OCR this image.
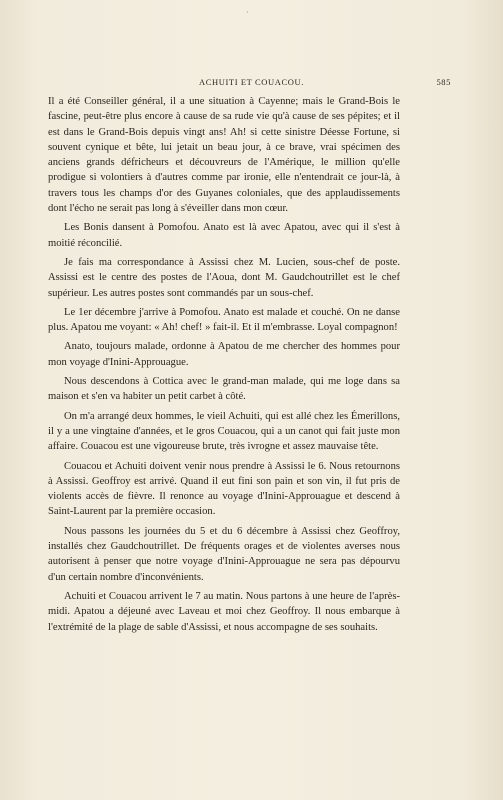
·
ACHUITI ET COUACOU.	585

Il a été Conseiller général, il a une situation à Cayenne; mais le Grand-Bois le fascine, peut-être plus encore à cause de sa rude vie qu'à cause de ses pépites; et il est dans le Grand-Bois depuis vingt ans! Ah! si cette sinistre Déesse Fortune, si souvent cynique et bête, lui jetait un beau jour, à ce brave, vrai spécimen des anciens grands défricheurs et découvreurs de l'Amérique, le million qu'elle prodigue si volontiers à d'autres comme par ironie, elle n'entendrait ce jour-là, à travers tous les champs d'or des Guyanes coloniales, que des applaudissements dont l'écho ne serait pas long à s'éveiller dans mon cœur.

Les Bonis dansent à Pomofou. Anato est là avec Apatou, avec qui il s'est à moitié réconcilié.

Je fais ma correspondance à Assissi chez M. Lucien, sous-chef de poste. Assissi est le centre des postes de l'Aoua, dont M. Gaudchoutrillet est le chef supérieur. Les autres postes sont commandés par un sous-chef.

Le 1er décembre j'arrive à Pomofou. Anato est malade et couché. On ne danse plus. Apatou me voyant: « Ah! chef! » fait-il. Et il m'embrasse. Loyal compagnon!

Anato, toujours malade, ordonne à Apatou de me chercher des hommes pour mon voyage d'Inini-Approuague.

Nous descendons à Cottica avec le grand-man malade, qui me loge dans sa maison et s'en va habiter un petit carbet à côté.

On m'a arrangé deux hommes, le vieil Achuiti, qui est allé chez les Émerillons, il y a une vingtaine d'années, et le gros Couacou, qui a un canot qui fait juste mon affaire. Couacou est une vigoureuse brute, très ivrogne et assez mauvaise tête.

Couacou et Achuiti doivent venir nous prendre à Assissi le 6. Nous retournons à Assissi. Geoffroy est arrivé. Quand il eut fini son pain et son vin, il fut pris de violents accès de fièvre. Il renonce au voyage d'Inini-Approuague et descend à Saint-Laurent par la première occasion.

Nous passons les journées du 5 et du 6 décembre à Assissi chez Geoffroy, installés chez Gaudchoutrillet. De fréquents orages et de violentes averses nous autorisent à penser que notre voyage d'Inini-Approuague ne sera pas dépourvu d'un certain nombre d'inconvénients.

Achuiti et Couacou arrivent le 7 au matin. Nous partons à une heure de l'après-midi. Apatou a déjeuné avec Laveau et moi chez Geoffroy. Il nous embarque à l'extrémité de la plage de sable d'Assissi, et nous accompagne de ses souhaits.
